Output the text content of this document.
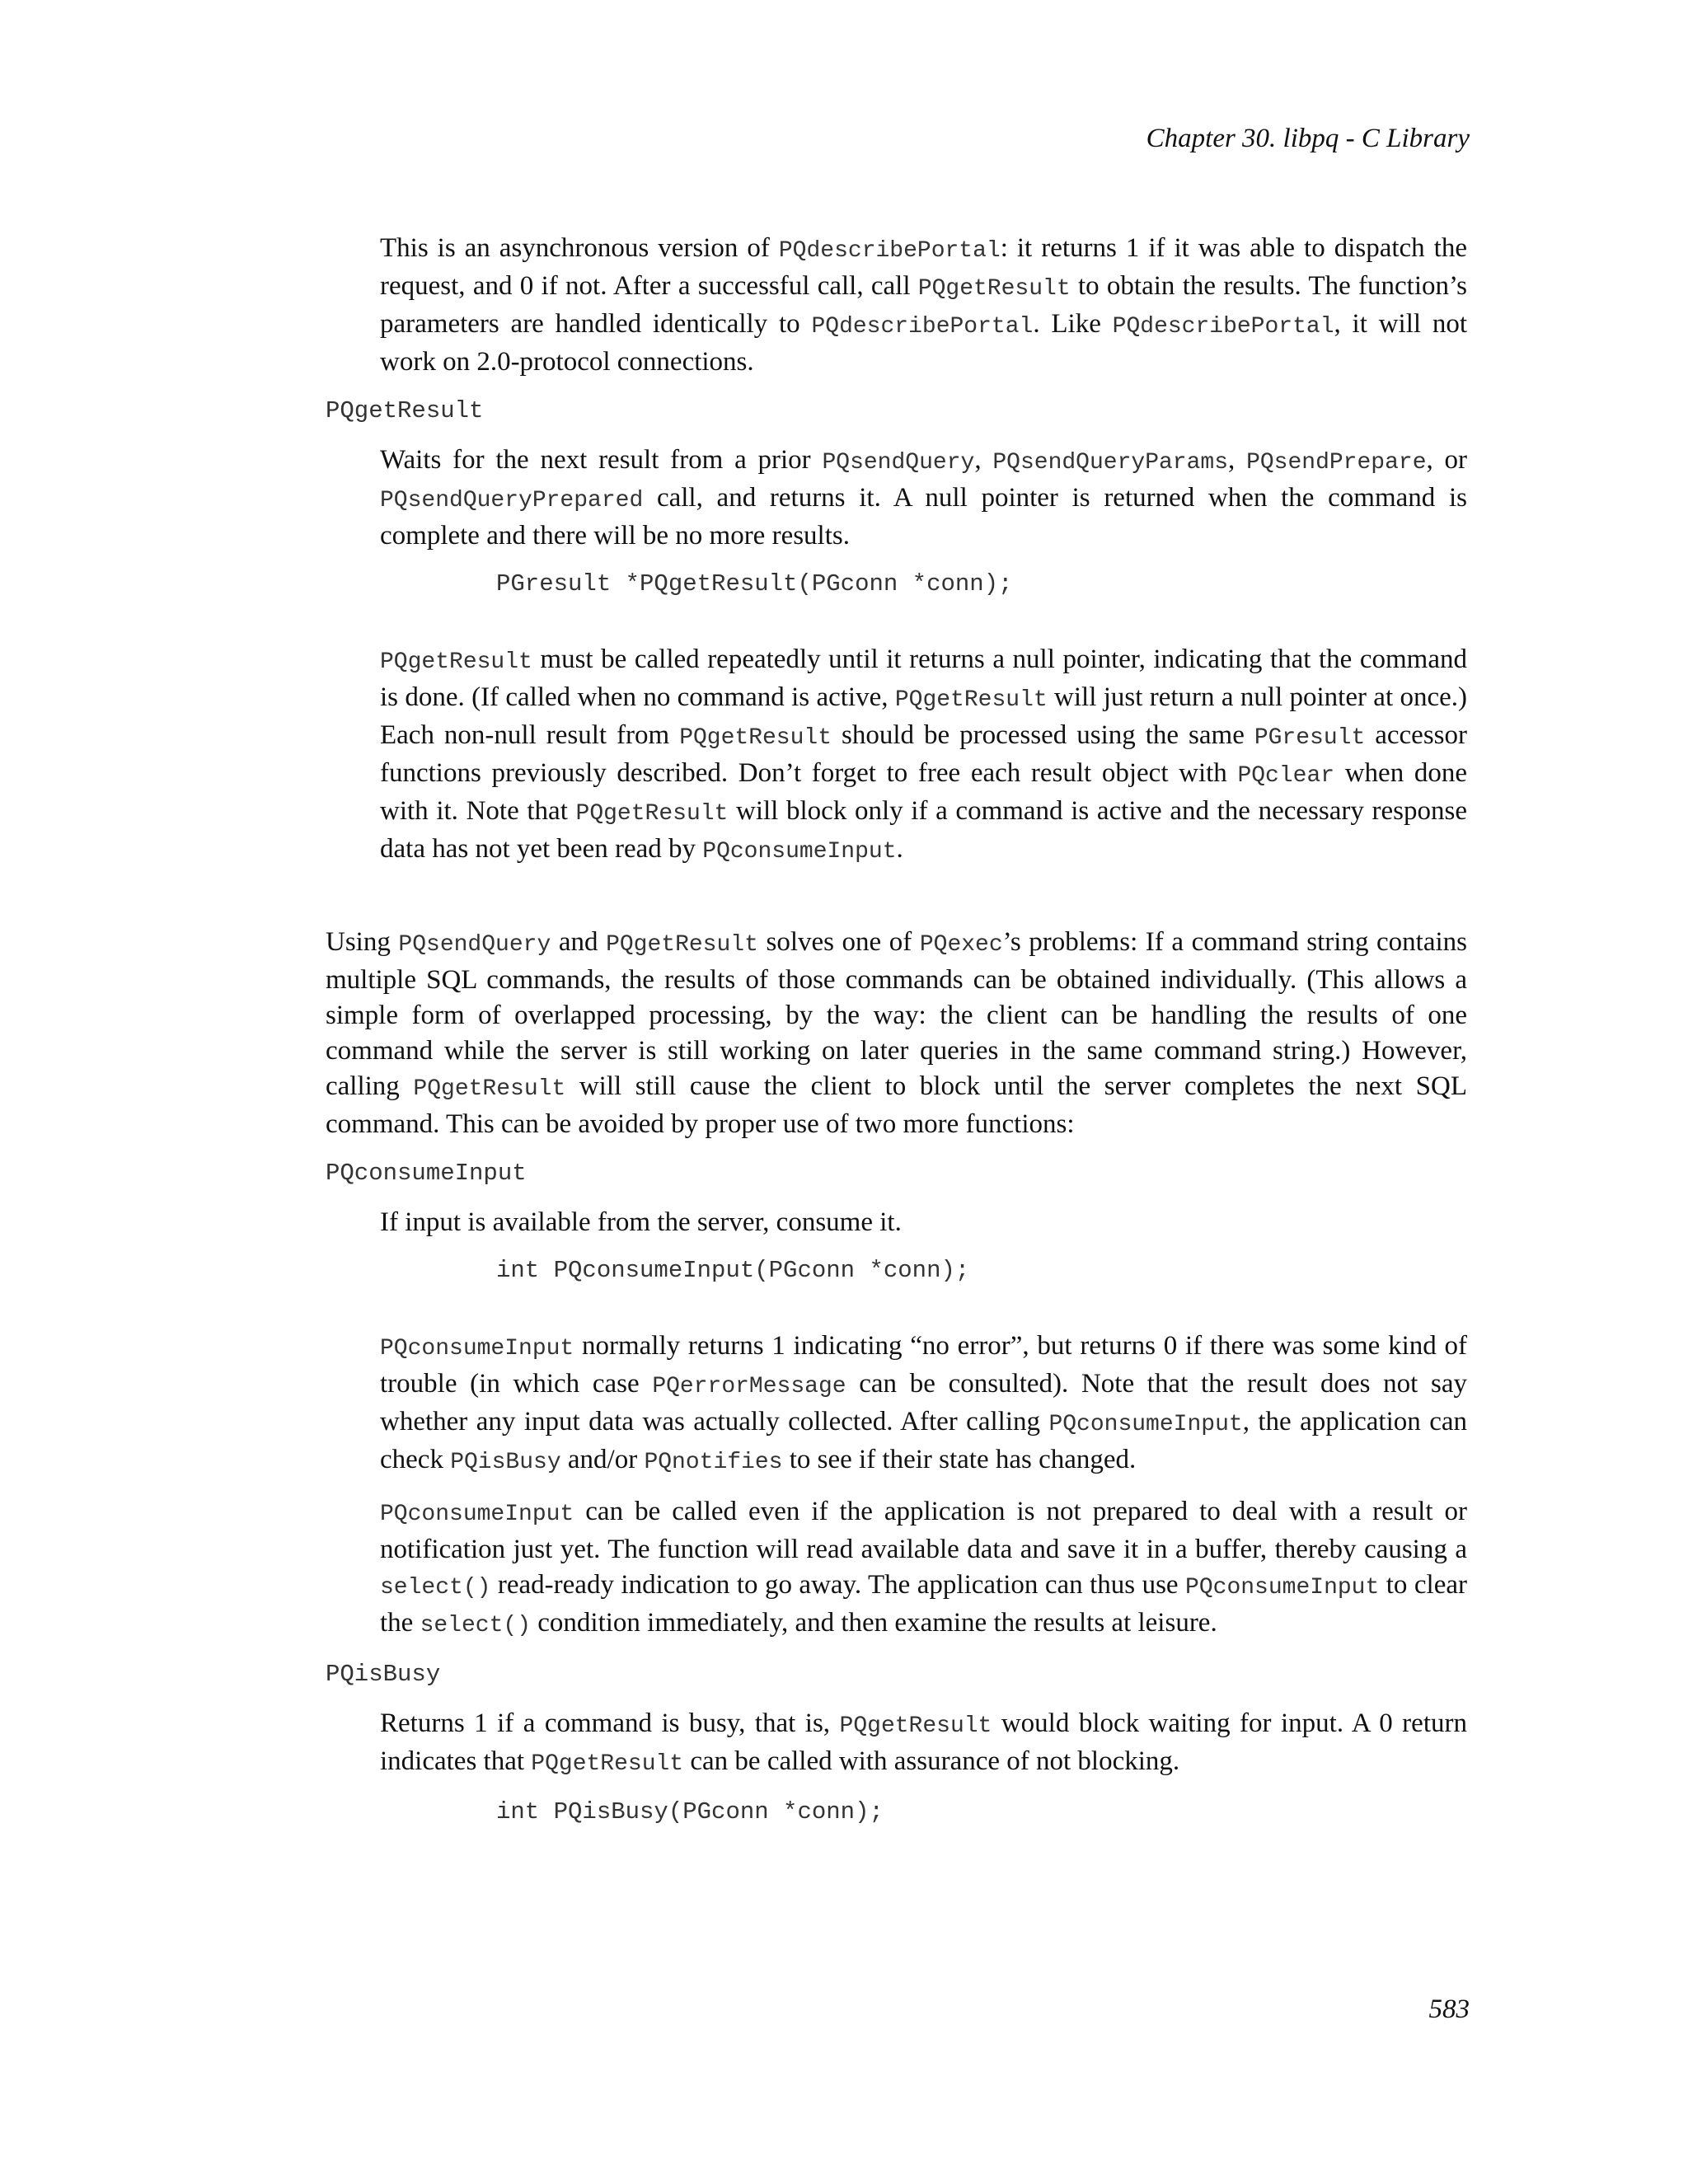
Chapter 30. libpq - C Library

This is an asynchronous version of PQdescribePortal: it returns 1 if it was able to dispatch the request, and 0 if not. After a successful call, call PQgetResult to obtain the results. The function’s parameters are handled identically to PQdescribePortal. Like PQdescribePortal, it will not work on 2.0-protocol connections.

PQgetResult

Waits for the next result from a prior PQsendQuery, PQsendQueryParams, PQsendPrepare, or PQsendQueryPrepared call, and returns it. A null pointer is returned when the command is complete and there will be no more results.

PGresult *PQgetResult(PGconn *conn);

PQgetResult must be called repeatedly until it returns a null pointer, indicating that the command is done. (If called when no command is active, PQgetResult will just return a null pointer at once.) Each non-null result from PQgetResult should be processed using the same PGresult accessor functions previously described. Don’t forget to free each result object with PQclear when done with it. Note that PQgetResult will block only if a command is active and the necessary response data has not yet been read by PQconsumeInput.

Using PQsendQuery and PQgetResult solves one of PQexec’s problems: If a command string contains multiple SQL commands, the results of those commands can be obtained individually. (This allows a simple form of overlapped processing, by the way: the client can be handling the results of one command while the server is still working on later queries in the same command string.) However, calling PQgetResult will still cause the client to block until the server completes the next SQL command. This can be avoided by proper use of two more functions:

PQconsumeInput

If input is available from the server, consume it.

int PQconsumeInput(PGconn *conn);

PQconsumeInput normally returns 1 indicating “no error”, but returns 0 if there was some kind of trouble (in which case PQerrorMessage can be consulted). Note that the result does not say whether any input data was actually collected. After calling PQconsumeInput, the application can check PQisBusy and/or PQnotifies to see if their state has changed.

PQconsumeInput can be called even if the application is not prepared to deal with a result or notification just yet. The function will read available data and save it in a buffer, thereby causing a select() read-ready indication to go away. The application can thus use PQconsumeInput to clear the select() condition immediately, and then examine the results at leisure.

PQisBusy

Returns 1 if a command is busy, that is, PQgetResult would block waiting for input. A 0 return indicates that PQgetResult can be called with assurance of not blocking.

int PQisBusy(PGconn *conn);
583
